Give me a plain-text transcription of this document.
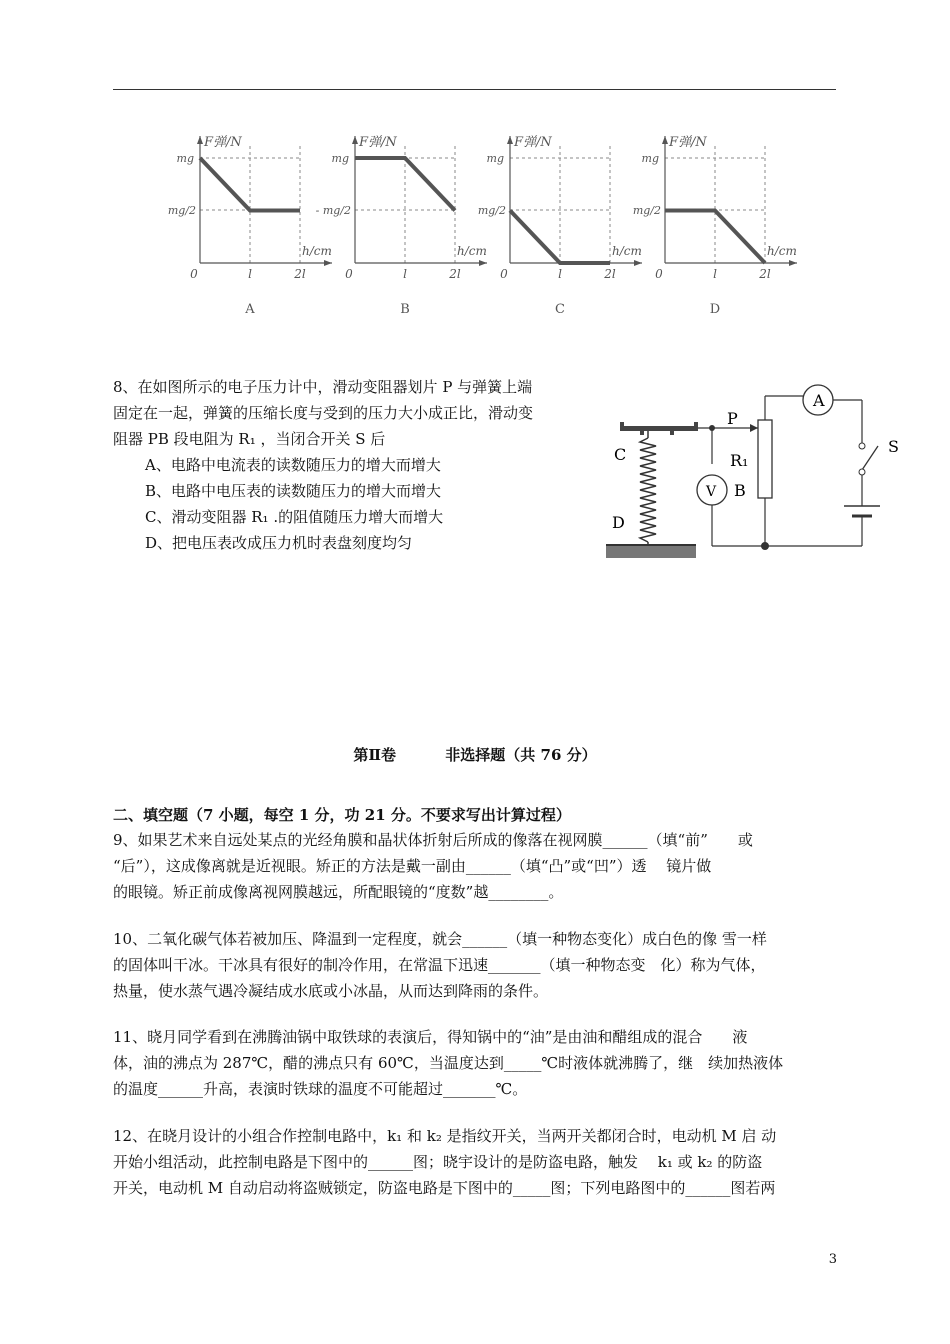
F弹/N
h/cm
mg
mg/2
0	l	2l
A
F弹/N
h/cm
mg
- mg/2
0	l	2l
B
F弹/N
h/cm
mg
mg/2
0	l	2l
C
F弹/N
h/cm
mg
mg/2
0	l	2l
D
8、在如图所示的电子压力计中，滑动变阻器划片 P 与弹簧上端
固定在一起，弹簧的压缩长度与受到的压力大小成正比，滑动变
阻器 PB 段电阻为 R₁ ，当闭合开关 S 后
A、电路中电流表的读数随压力的增大而增大
B、电路中电压表的读数随压力的增大而增大
C、滑动变阻器 R₁ .的阻值随压力增大而增大
D、把电压表改成压力机时表盘刻度均匀
A
S
P
R₁
V B
C
D
第Ⅱ卷	非选择题（共 76 分）
二、填空题（7 小题，每空 1 分，功 21 分。不要求写出计算过程）
9、如果艺术来自远处某点的光经角膜和晶状体折射后所成的像落在视网膜______（填“前”　　或
“后”），这成像离就是近视眼。矫正的方法是戴一副由______（填“凸”或“凹”）透　 镜片做
的眼镜。矫正前成像离视网膜越远，所配眼镜的“度数”越________。
10、二氧化碳气体若被加压、降温到一定程度，就会______（填一种物态变化）成白色的像 雪一样
的固体叫干冰。干冰具有很好的制冷作用，在常温下迅速_______（填一种物态变　化）称为气体，
热量，使水蒸气遇冷凝结成水底或小冰晶，从而达到降雨的条件。
11、晓月同学看到在沸腾油锅中取铁球的表演后，得知锅中的“油”是由油和醋组成的混合　　液
体，油的沸点为 287℃，醋的沸点只有 60℃，当温度达到_____℃时液体就沸腾了，继　续加热液体
的温度______升高，表演时铁球的温度不可能超过_______℃。
12、在晓月设计的小组合作控制电路中，k₁ 和 k₂ 是指纹开关，当两开关都闭合时，电动机 M 启 动
开始小组活动，此控制电路是下图中的______图；晓宇设计的是防盗电路，触发　 k₁ 或 k₂ 的防盗
开关，电动机 M 自动启动将盗贼锁定，防盗电路是下图中的_____图；下列电路图中的______图若两
3
